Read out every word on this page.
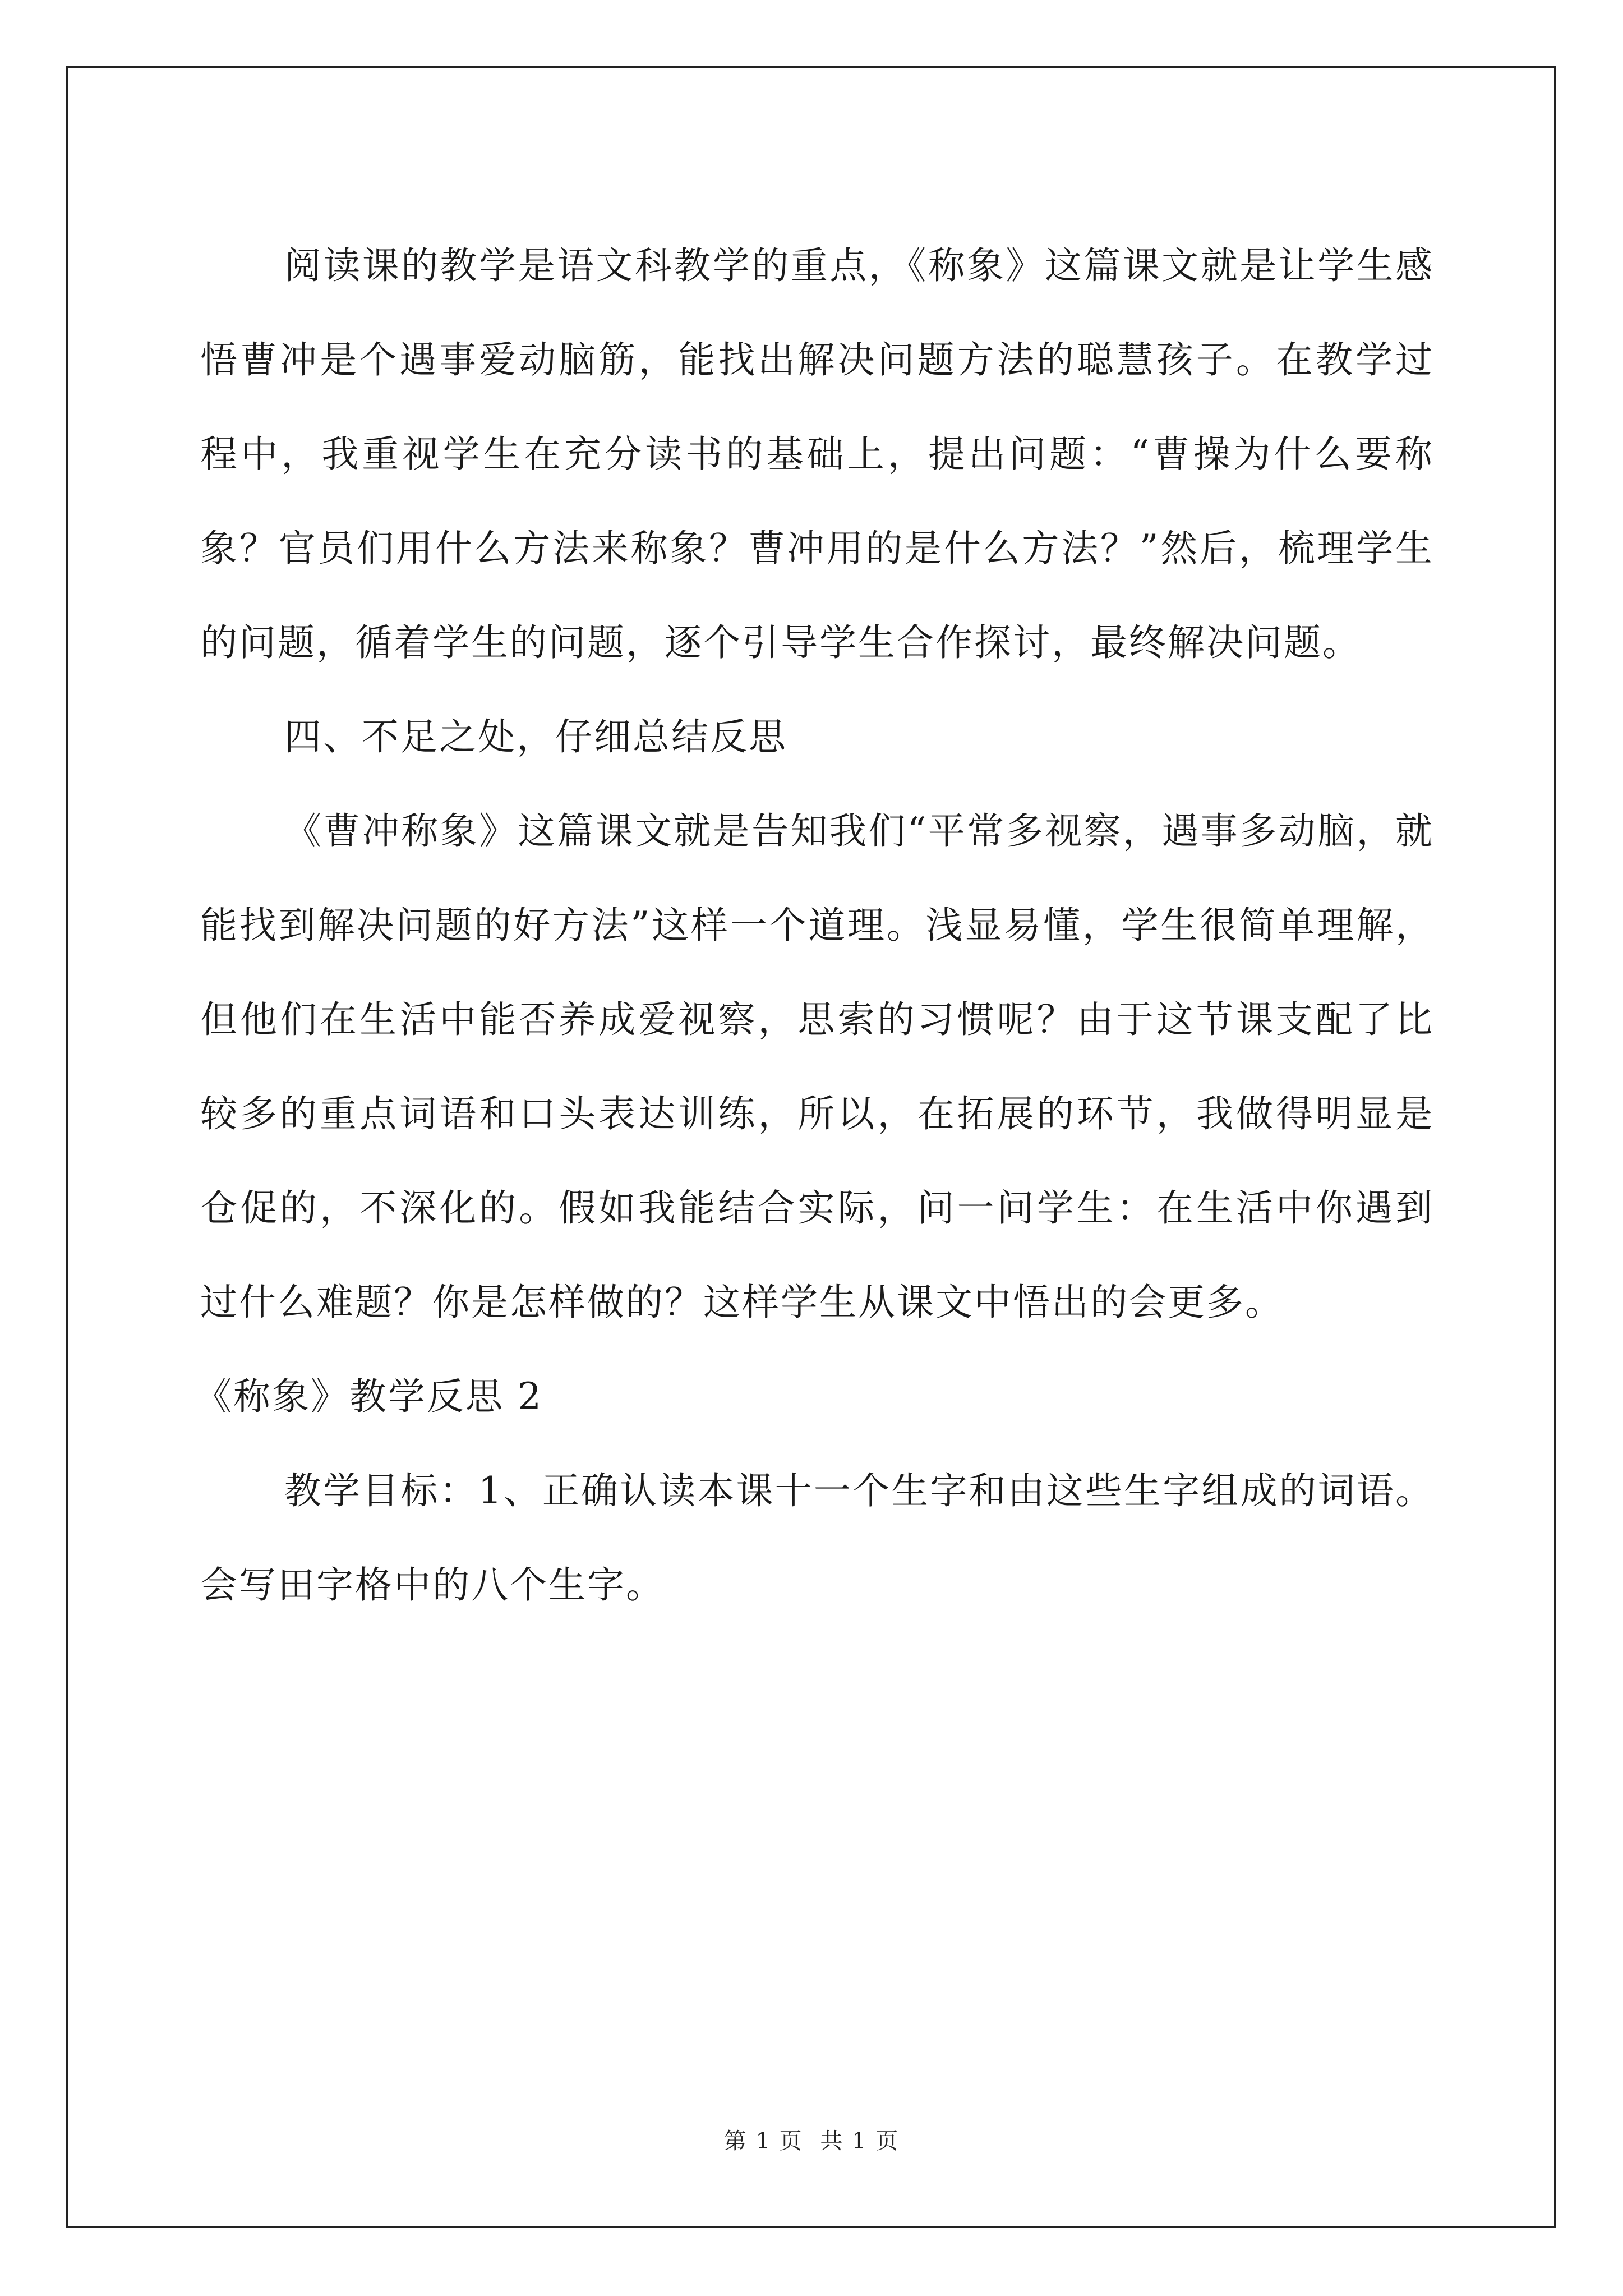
阅读课的教学是语文科教学的重点，《称象》这篇课文就是让学生感悟曹冲是个遇事爱动脑筋，能找出解决问题方法的聪慧孩子。在教学过程中，我重视学生在充分读书的基础上，提出问题：“曹操为什么要称象？官员们用什么方法来称象？曹冲用的是什么方法？”然后，梳理学生的问题，循着学生的问题，逐个引导学生合作探讨，最终解决问题。

四、不足之处，仔细总结反思

《曹冲称象》这篇课文就是告知我们“平常多视察，遇事多动脑，就能找到解决问题的好方法”这样一个道理。浅显易懂，学生很简单理解，但他们在生活中能否养成爱视察，思索的习惯呢？由于这节课支配了比较多的重点词语和口头表达训练，所以，在拓展的环节，我做得明显是仓促的，不深化的。假如我能结合实际，问一问学生：在生活中你遇到过什么难题？你是怎样做的？这样学生从课文中悟出的会更多。

《称象》教学反思 2

教学目标：1、正确认读本课十一个生字和由这些生字组成的词语。会写田字格中的八个生字。

第 1 页 共 1 页
